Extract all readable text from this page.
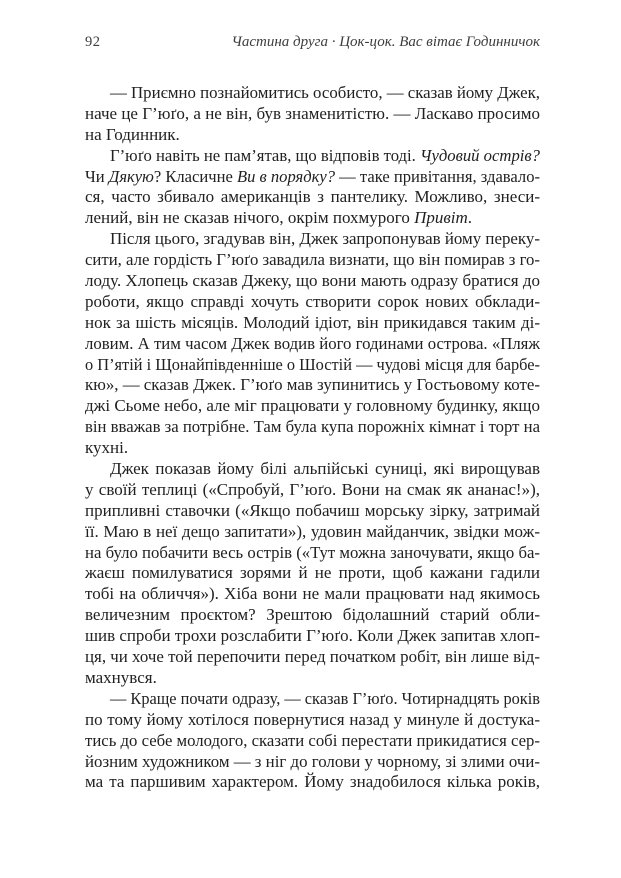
92	Частина друга · Цок-цок. Вас вітає Годинничок
— Приємно познайомитись особисто, — сказав йому Джек,
наче це Г’юґо, а не він, був знаменитістю. — Ласкаво просимо
на Годинник.
Г’юґо навіть не пам’ятав, що відповів тоді. Чудовий острів?
Чи Дякую? Класичне Ви в порядку? — таке привітання, здавало-
ся, часто збивало американців з пантелику. Можливо, знеси-
лений, він не сказав нічого, окрім похмурого Привіт.
Після цього, згадував він, Джек запропонував йому переку-
сити, але гордість Г’юґо завадила визнати, що він помирав з го-
лоду. Хлопець сказав Джеку, що вони мають одразу братися до
роботи, якщо справді хочуть створити сорок нових обклади-
нок за шість місяців. Молодий ідіот, він прикидався таким ді-
ловим. А тим часом Джек водив його годинами острова. «Пляж
о П’ятій і Щонайпівденніше о Шостій — чудові місця для барбе-
кю», — сказав Джек. Г’юґо мав зупинитись у Гостьовому коте-
джі Сьоме небо, але міг працювати у головному будинку, якщо
він вважав за потрібне. Там була купа порожніх кімнат і торт на
кухні.
Джек показав йому білі альпійські суниці, які вирощував
у своїй теплиці («Спробуй, Г’юґо. Вони на смак як ананас!»),
припливні ставочки («Якщо побачиш морську зірку, затримай
її. Маю в неї дещо запитати»), удовин майданчик, звідки мож-
на було побачити весь острів («Тут можна заночувати, якщо ба-
жаєш помилуватися зорями й не проти, щоб кажани гадили
тобі на обличчя»). Хіба вони не мали працювати над якимось
величезним проєктом? Зрештою бідолашний старий обли-
шив спроби трохи розслабити Г’юґо. Коли Джек запитав хлоп-
ця, чи хоче той перепочити перед початком робіт, він лише від-
махнувся.
— Краще почати одразу, — сказав Г’юґо. Чотирнадцять років
по тому йому хотілося повернутися назад у минуле й достука-
тись до себе молодого, сказати собі перестати прикидатися сер-
йозним художником — з ніг до голови у чорному, зі злими очи-
ма та паршивим характером. Йому знадобилося кілька років,
